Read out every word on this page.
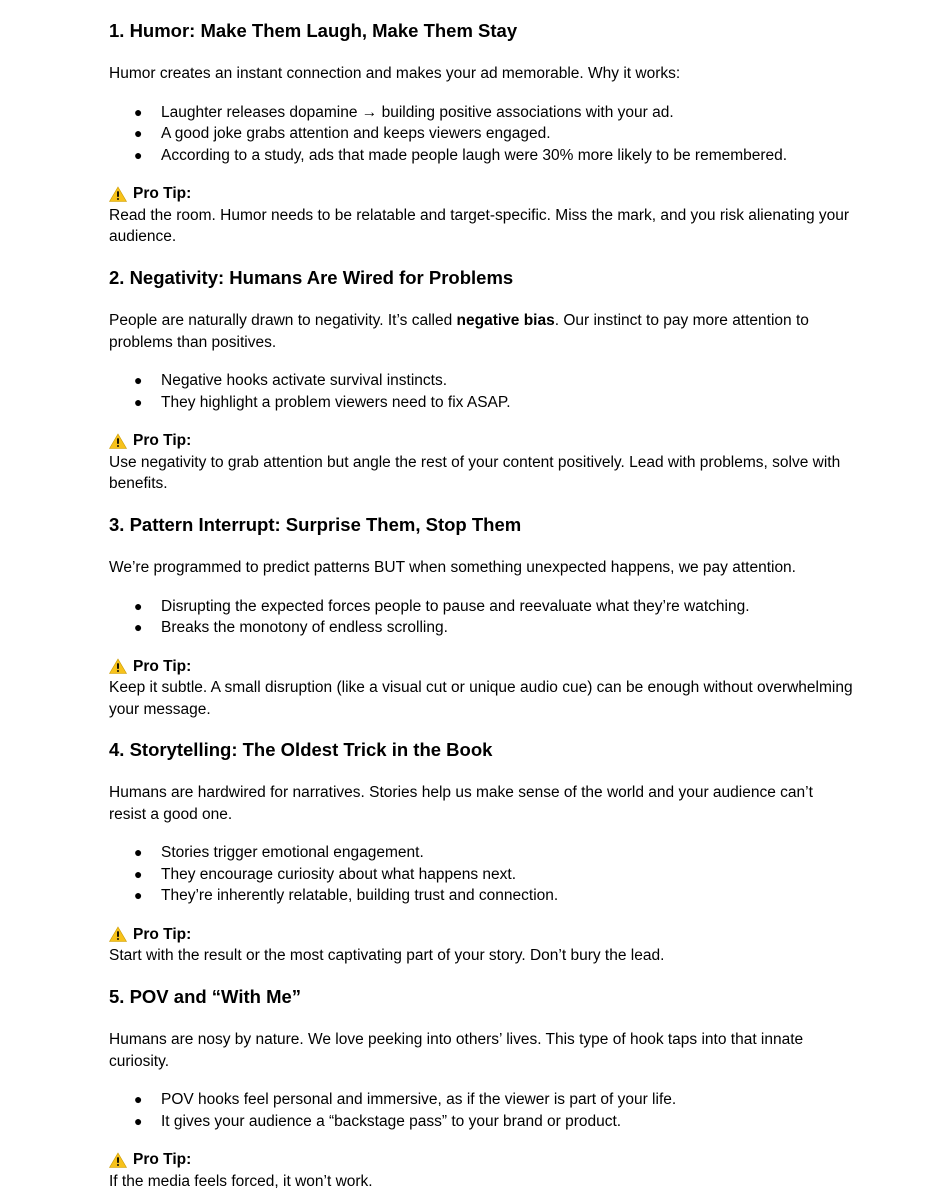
1. Humor: Make Them Laugh, Make Them Stay

Humor creates an instant connection and makes your ad memorable. Why it works:

● Laughter releases dopamine → building positive associations with your ad.
● A good joke grabs attention and keeps viewers engaged.
● According to a study, ads that made people laugh were 30% more likely to be remembered.
Pro Tip:
Read the room. Humor needs to be relatable and target-specific. Miss the mark, and you risk alienating your audience.
2. Negativity: Humans Are Wired for Problems

People are naturally drawn to negativity. It’s called negative bias. Our instinct to pay more attention to problems than positives.

● Negative hooks activate survival instincts.
● They highlight a problem viewers need to fix ASAP.
Pro Tip:
Use negativity to grab attention but angle the rest of your content positively. Lead with problems, solve with benefits.
3. Pattern Interrupt: Surprise Them, Stop Them

We’re programmed to predict patterns BUT when something unexpected happens, we pay attention.

● Disrupting the expected forces people to pause and reevaluate what they’re watching.
● Breaks the monotony of endless scrolling.
Pro Tip:
Keep it subtle. A small disruption (like a visual cut or unique audio cue) can be enough without overwhelming your message.
4. Storytelling: The Oldest Trick in the Book

Humans are hardwired for narratives. Stories help us make sense of the world and your audience can’t resist a good one.

● Stories trigger emotional engagement.
● They encourage curiosity about what happens next.
● They’re inherently relatable, building trust and connection.
Pro Tip:
Start with the result or the most captivating part of your story. Don’t bury the lead.
5. POV and “With Me”

Humans are nosy by nature. We love peeking into others’ lives. This type of hook taps into that innate curiosity.

● POV hooks feel personal and immersive, as if the viewer is part of your life.
● It gives your audience a “backstage pass” to your brand or product.
Pro Tip:
If the media feels forced, it won’t work.
